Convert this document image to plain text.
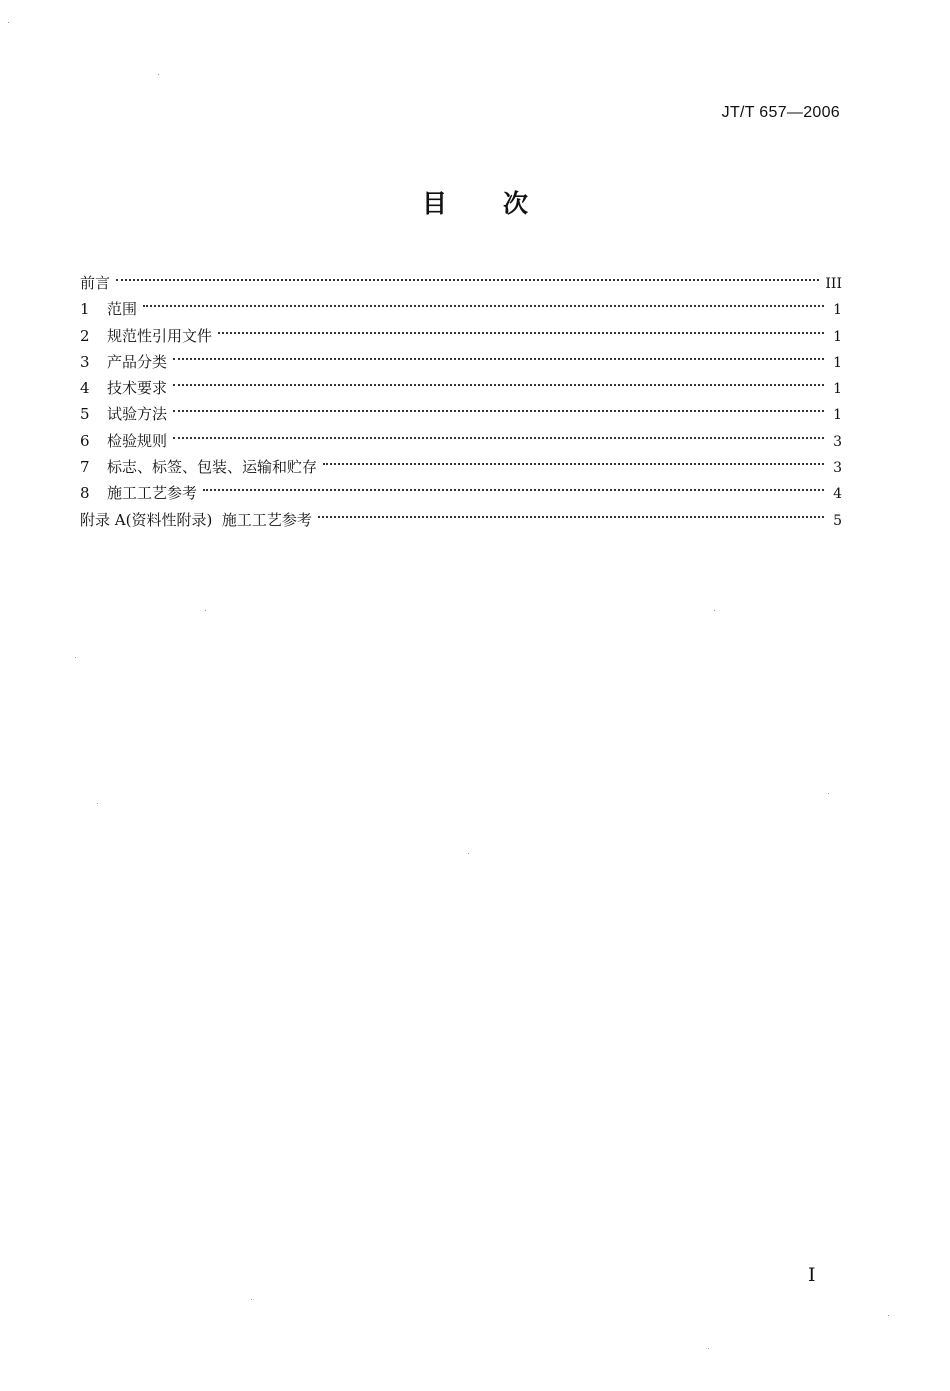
JT/T 657—2006
目 次
前言	III
1	范围	1
2	规范性引用文件	1
3	产品分类	1
4	技术要求	1
5	试验方法	1
6	检验规则	3
7	标志、标签、包装、运输和贮存	3
8	施工工艺参考	4
附录 A(资料性附录)  施工工艺参考	5
I
